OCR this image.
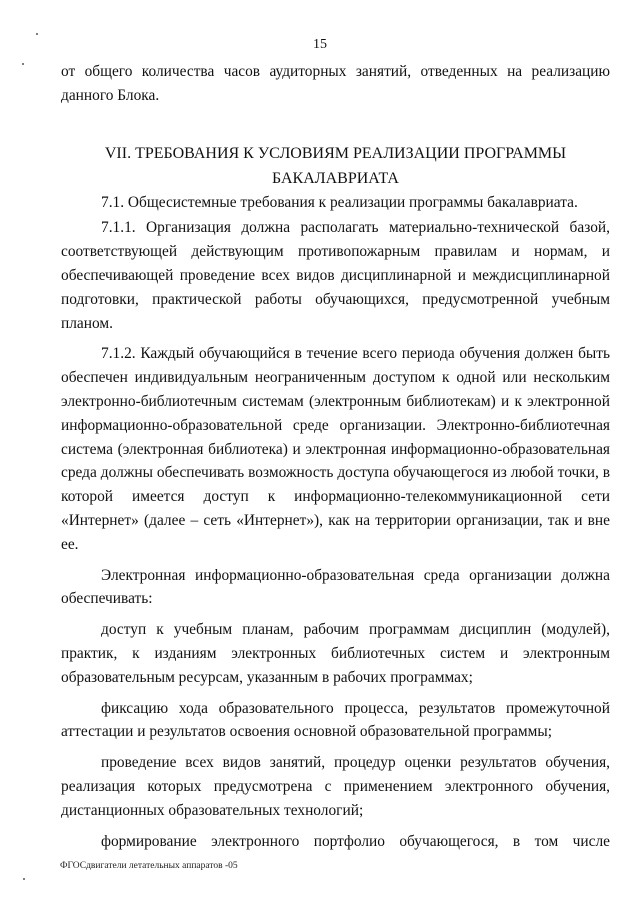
15

от общего количества часов аудиторных занятий, отведенных на реализацию данного Блока.

VII. ТРЕБОВАНИЯ К УСЛОВИЯМ РЕАЛИЗАЦИИ ПРОГРАММЫ
БАКАЛАВРИАТА

7.1. Общесистемные требования к реализации программы бакалавриата.

7.1.1. Организация должна располагать материально-технической базой, соответствующей действующим противопожарным правилам и нормам, и обеспечивающей проведение всех видов дисциплинарной и междисциплинарной подготовки, практической работы обучающихся, предусмотренной учебным планом.

7.1.2. Каждый обучающийся в течение всего периода обучения должен быть обеспечен индивидуальным неограниченным доступом к одной или нескольким электронно-библиотечным системам (электронным библиотекам) и к электронной информационно-образовательной среде организации. Электронно-библиотечная система (электронная библиотека) и электронная информационно-образовательная среда должны обеспечивать возможность доступа обучающегося из любой точки, в которой имеется доступ к информационно-телекоммуникационной сети «Интернет» (далее – сеть «Интернет»), как на территории организации, так и вне ее.

Электронная информационно-образовательная среда организации должна обеспечивать:

доступ к учебным планам, рабочим программам дисциплин (модулей), практик, к изданиям электронных библиотечных систем и электронным образовательным ресурсам, указанным в рабочих программах;

фиксацию хода образовательного процесса, результатов промежуточной аттестации и результатов освоения основной образовательной программы;

проведение всех видов занятий, процедур оценки результатов обучения, реализация которых предусмотрена с применением электронного обучения, дистанционных образовательных технологий;

формирование электронного портфолио обучающегося, в том числе

ФГОСдвигатели летательных аппаратов -05
